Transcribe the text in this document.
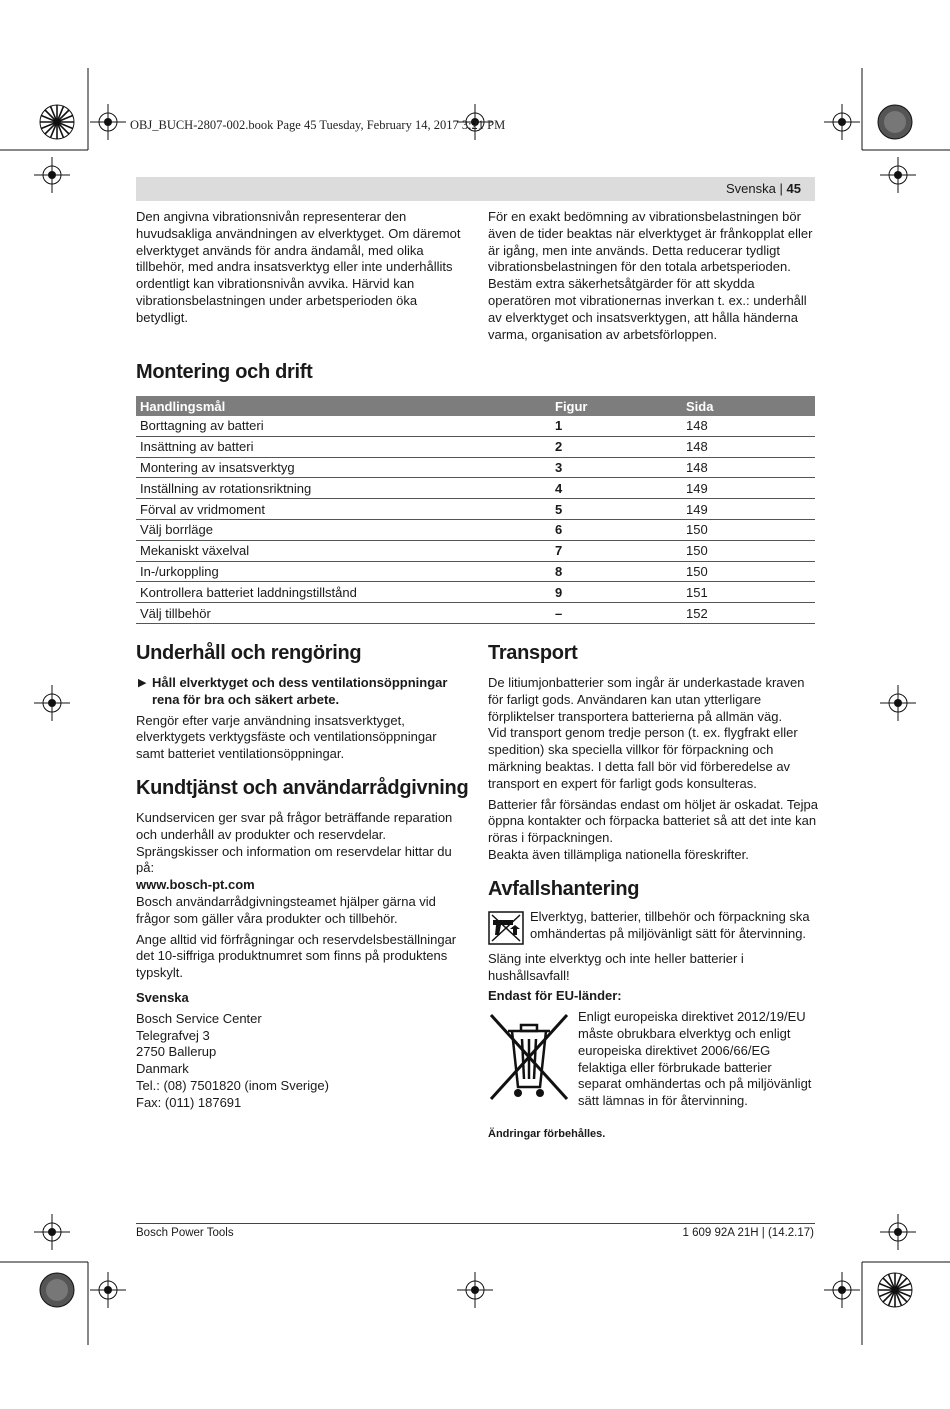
OBJ_BUCH-2807-002.book Page 45 Tuesday, February 14, 2017 3:21 PM
Svenska | 45

Den angivna vibrationsnivån representerar den huvudsakliga användningen av elverktyget. Om däremot elverktyget används för andra ändamål, med olika tillbehör, med andra insatsverktyg eller inte underhållits ordentligt kan vibrationsnivån avvika. Härvid kan vibrationsbelastningen under arbetsperioden öka betydligt.

För en exakt bedömning av vibrationsbelastningen bör även de tider beaktas när elverktyget är frånkopplat eller är igång, men inte används. Detta reducerar tydligt vibrationsbelastningen för den totala arbetsperioden.

Bestäm extra säkerhetsåtgärder för att skydda operatören mot vibrationernas inverkan t. ex.: underhåll av elverktyget och insatsverktygen, att hålla händerna varma, organisation av arbetsförloppen.

Montering och drift
Handlingsmål	Figur	Sida
Borttagning av batteri	1	148
Insättning av batteri	2	148
Montering av insatsverktyg	3	148
Inställning av rotationsriktning	4	149
Förval av vridmoment	5	149
Välj borrläge	6	150
Mekaniskt växelval	7	150
In-/urkoppling	8	150
Kontrollera batteriet laddningstillstånd	9	151
Välj tillbehör	–	152
Underhåll och rengöring

▶ Håll elverktyget och dess ventilationsöppningar rena för bra och säkert arbete.

Rengör efter varje användning insatsverktyget, elverktygets verktygsfäste och ventilationsöppningar samt batteriet ventilationsöppningar.

Kundtjänst och användarrådgivning

Kundservicen ger svar på frågor beträffande reparation och underhåll av produkter och reservdelar. Sprängskisser och information om reservdelar hittar du på:

www.bosch-pt.com

Bosch användarrådgivningsteamet hjälper gärna vid frågor som gäller våra produkter och tillbehör.

Ange alltid vid förfrågningar och reservdelsbeställningar det 10-siffriga produktnumret som finns på produktens typskylt.

Svenska

Bosch Service Center
Telegrafvej 3
2750 Ballerup
Danmark
Tel.: (08) 7501820 (inom Sverige)
Fax: (011) 187691
Transport

De litiumjonbatterier som ingår är underkastade kraven för farligt gods. Användaren kan utan ytterligare förpliktelser transportera batterierna på allmän väg.

Vid transport genom tredje person (t. ex. flygfrakt eller spedition) ska speciella villkor för förpackning och märkning beaktas. I detta fall bör vid förberedelse av transport en expert för farligt gods konsulteras.

Batterier får försändas endast om höljet är oskadat. Tejpa öppna kontakter och förpacka batteriet så att det inte kan röras i förpackningen.

Beakta även tillämpliga nationella föreskrifter.

Avfallshantering

Elverktyg, batterier, tillbehör och förpackning ska omhändertas på miljövänligt sätt för återvinning.

Släng inte elverktyg och inte heller batterier i hushållsavfall!

Endast för EU-länder:

Enligt europeiska direktivet 2012/19/EU måste obrukbara elverktyg och enligt europeiska direktivet 2006/66/EG felaktiga eller förbrukade batterier separat omhändertas och på miljövänligt sätt lämnas in för återvinning.

Ändringar förbehålles.

Bosch Power Tools	1 609 92A 21H | (14.2.17)
